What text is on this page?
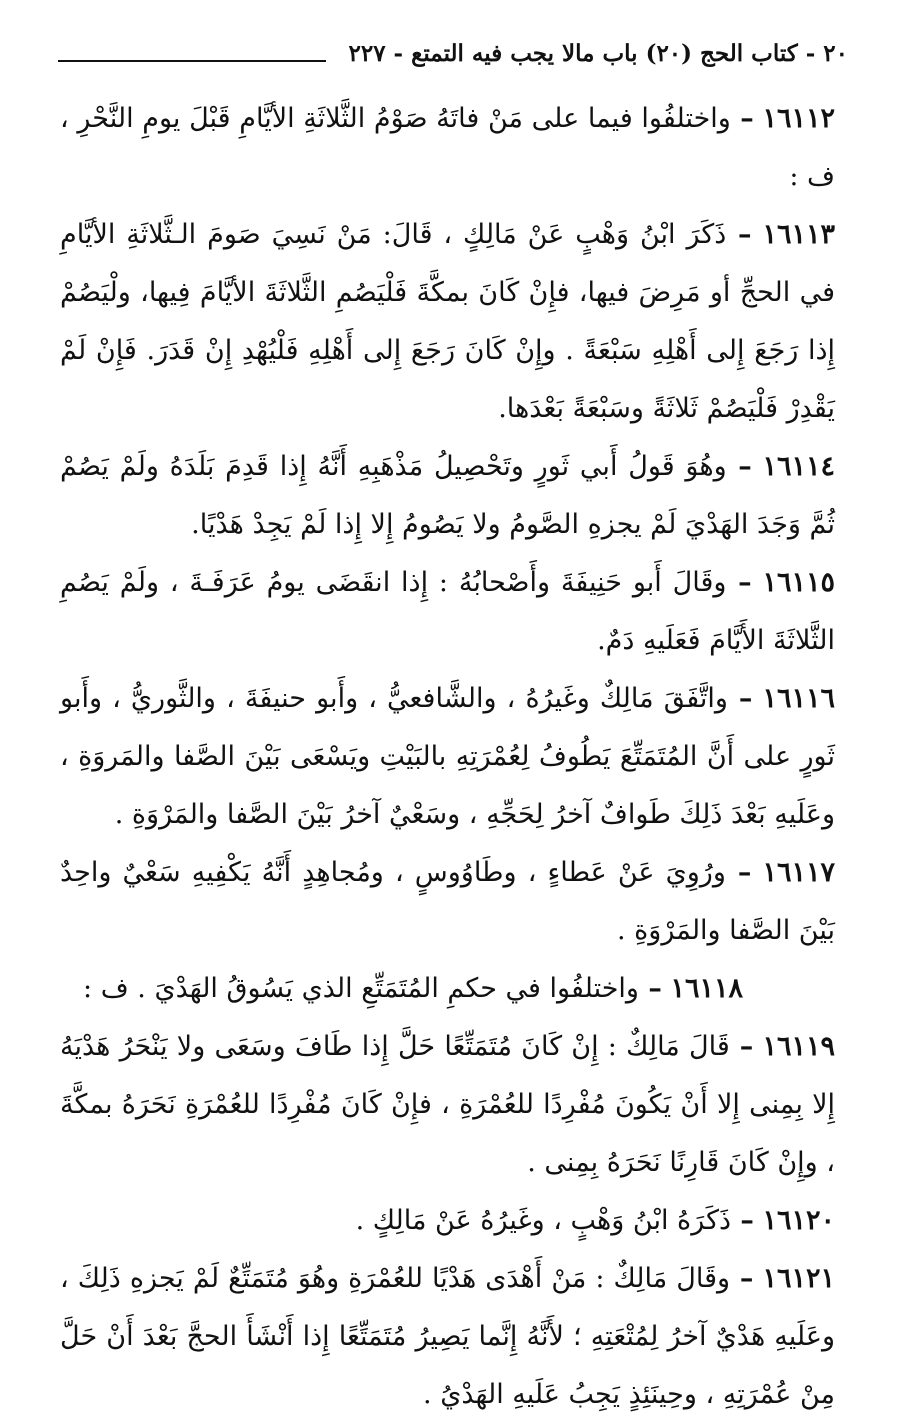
٢٠ - كتاب الحج (٢٠) باب مالا يجب فيه التمتع - ٢٢٧

١٦١١٢ – واختلفُوا فيما على مَنْ فاتَهُ صَوْمُ الثَّلاثَةِ الأيَّامِ قَبْلَ يومِ النَّحْرِ ، ف :

١٦١١٣ – ذَكَرَ ابْنُ وَهْبٍ عَنْ مَالِكٍ ، قَالَ: مَنْ نَسِيَ صَومَ الـثَّلاثَةِ الأيَّامِ في الحجِّ أو مَرِضَ فيها، فإِنْ كَانَ بمكَّةَ فَلْيَصُمِ الثَّلاثَةَ الأيَّامَ فِيها، ولْيَصُمْ إِذا رَجَعَ إِلى أَهْلِهِ سَبْعَةً . وإِنْ كَانَ رَجَعَ إِلى أَهْلِهِ فَلْيُهْدِ إِنْ قَدَرَ. فَإِنْ لَمْ يَقْدِرْ فَلْيَصُمْ ثَلاثَةً وسَبْعَةً بَعْدَها.

١٦١١٤ – وهُوَ قَولُ أَبي ثَورٍ وتَحْصِيلُ مَذْهَبِهِ أَنَّهُ إِذا قَدِمَ بَلَدَهُ ولَمْ يَصُمْ ثُمَّ وَجَدَ الهَدْيَ لَمْ يجزهِ الصَّومُ ولا يَصُومُ إِلا إِذا لَمْ يَجِدْ هَدْيًا.

١٦١١٥ – وقَالَ أَبو حَنِيفَةَ وأَصْحابُهُ : إِذا انقَضَى يومُ عَرَفَـةَ ، ولَمْ يَصُمِ الثَّلاثَةَ الأَيَّامَ فَعَلَيهِ دَمٌ.

١٦١١٦ – واتَّفَقَ مَالِكٌ وغَيرُهُ ، والشَّافعيُّ ، وأَبو حنيفَةَ ، والثَّوريُّ ، وأَبو ثَورٍ على أَنَّ المُتَمَتِّعَ يَطُوفُ لِعُمْرَتِهِ بالبَيْتِ ويَسْعَى بَيْنَ الصَّفا والمَروَةِ ، وعَلَيهِ بَعْدَ ذَلِكَ طَوافٌ آخرُ لِحَجِّهِ ، وسَعْيٌ آخرُ بَيْنَ الصَّفا والمَرْوَةِ .

١٦١١٧ – ورُوِيَ عَنْ عَطاءٍ ، وطَاوُوسٍ ، ومُجاهِدٍ أَنَّهُ يَكْفِيهِ سَعْيٌ واحِدٌ بَيْنَ الصَّفا والمَرْوَةِ .

١٦١١٨ – واختلفُوا في حكمِ المُتَمَتِّعِ الذي يَسُوقُ الهَدْيَ . ف :

١٦١١٩ – قَالَ مَالِكٌ : إِنْ كَانَ مُتَمَتِّعًا حَلَّ إِذا طَافَ وسَعَى ولا يَنْحَرُ هَدْيَهُ إِلا بِمِنى إِلا أَنْ يَكُونَ مُفْرِدًا للعُمْرَةِ ، فإِنْ كَانَ مُفْرِدًا للعُمْرَةِ نَحَرَهُ بمكَّةَ ، وإِنْ كَانَ قَارِنًا نَحَرَهُ بِمِنى .

١٦١٢٠ – ذَكَرَهُ ابْنُ وَهْبٍ ، وغَيرُهُ عَنْ مَالِكٍ .

١٦١٢١ – وقَالَ مَالِكٌ : مَنْ أَهْدَى هَدْيًا للعُمْرَةِ وهُوَ مُتَمَتِّعٌ لَمْ يَجزهِ ذَلِكَ ، وعَلَيهِ هَدْيٌ آخرُ لِمُتْعَتِهِ ؛ لأَنَّهُ إِنَّما يَصِيرُ مُتَمَتِّعًا إِذا أَنْشَأَ الحجَّ بَعْدَ أَنْ حَلَّ مِنْ عُمْرَتِهِ ، وحِينَئِذٍ يَجِبُ عَلَيهِ الهَدْيُ .
